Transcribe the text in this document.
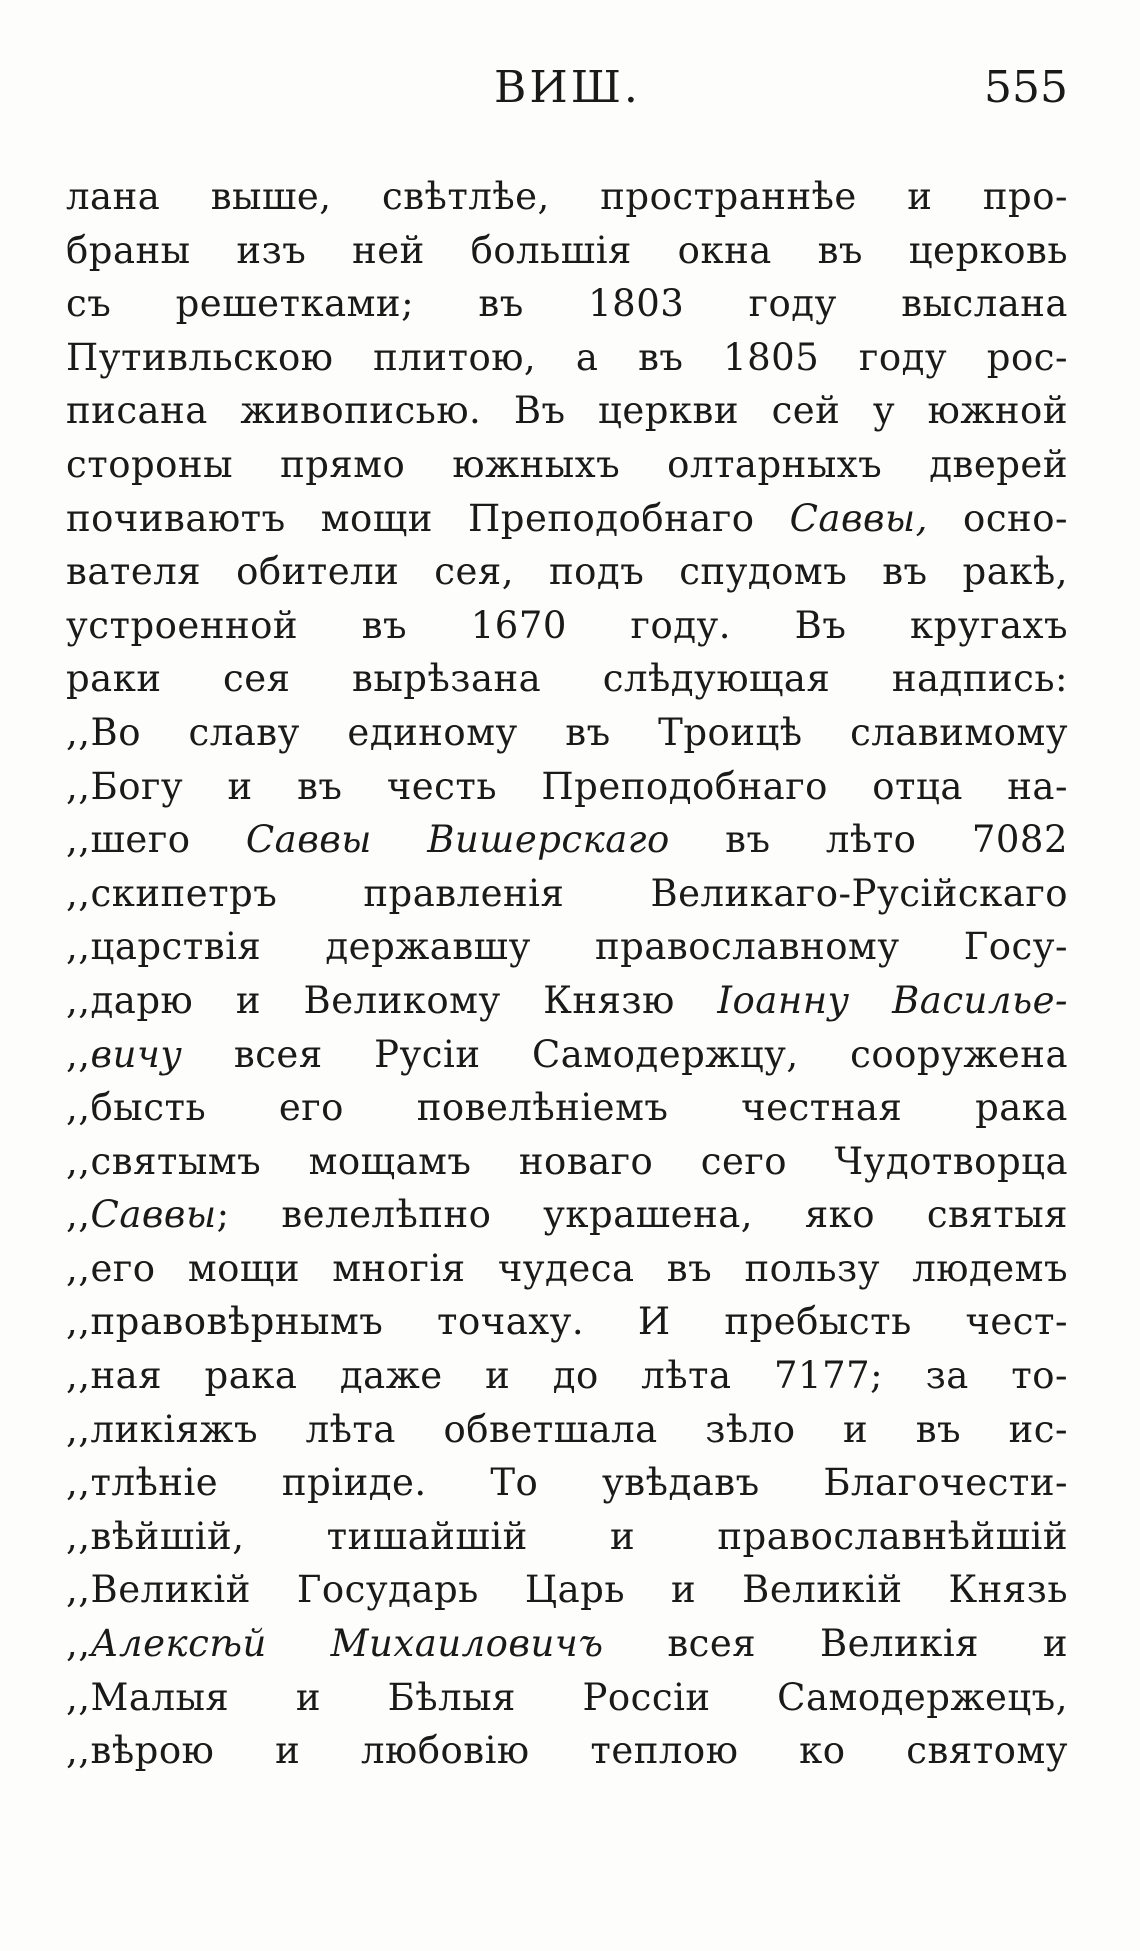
ВИШ.	555
лана выше, свѣтлѣе, пространнѣе и про-
браны изъ ней большія окна въ церковь
съ решетками; въ 1803 году выслана
Путивльскою плитою, а въ 1805 году рос-
писана живописью. Въ церкви сей у южной
стороны прямо южныхъ олтарныхъ дверей
почиваютъ мощи Преподобнаго Саввы, осно-
вателя обители сея, подъ спудомъ въ ракѣ,
устроенной въ 1670 году. Въ кругахъ
раки сея вырѣзана слѣдующая надпись:
,,Во славу единому въ Троицѣ славимому
,,Богу и въ честь Преподобнаго отца на-
,,шего Саввы Вишерскаго въ лѣто 7082
,,скипетръ правленія Великаго-Русійскаго
,,царствія державшу православному Госу-
,,дарю и Великому Князю Іоанну Василье-
,,вичу всея Русіи Самодержцу, сооружена
,,бысть его повелѣніемъ честная рака
,,святымъ мощамъ новаго сего Чудотворца
,,Саввы; велелѣпно украшена, яко святыя
,,его мощи многія чудеса въ пользу людемъ
,,правовѣрнымъ точаху. И пребысть чест-
,,ная рака даже и до лѣта 7177; за то-
,,ликіяжъ лѣта обветшала зѣло и въ ис-
,,тлѣніе пріиде. То увѣдавъ Благочести-
,,вѣйшій, тишайшій и православнѣйшій
,,Великій Государь Царь и Великій Князь
,,Алексѣй Михаиловичъ всея Великія и
,,Малыя и Бѣлыя Россіи Самодержецъ,
,,вѣрою и любовію теплою ко святому
